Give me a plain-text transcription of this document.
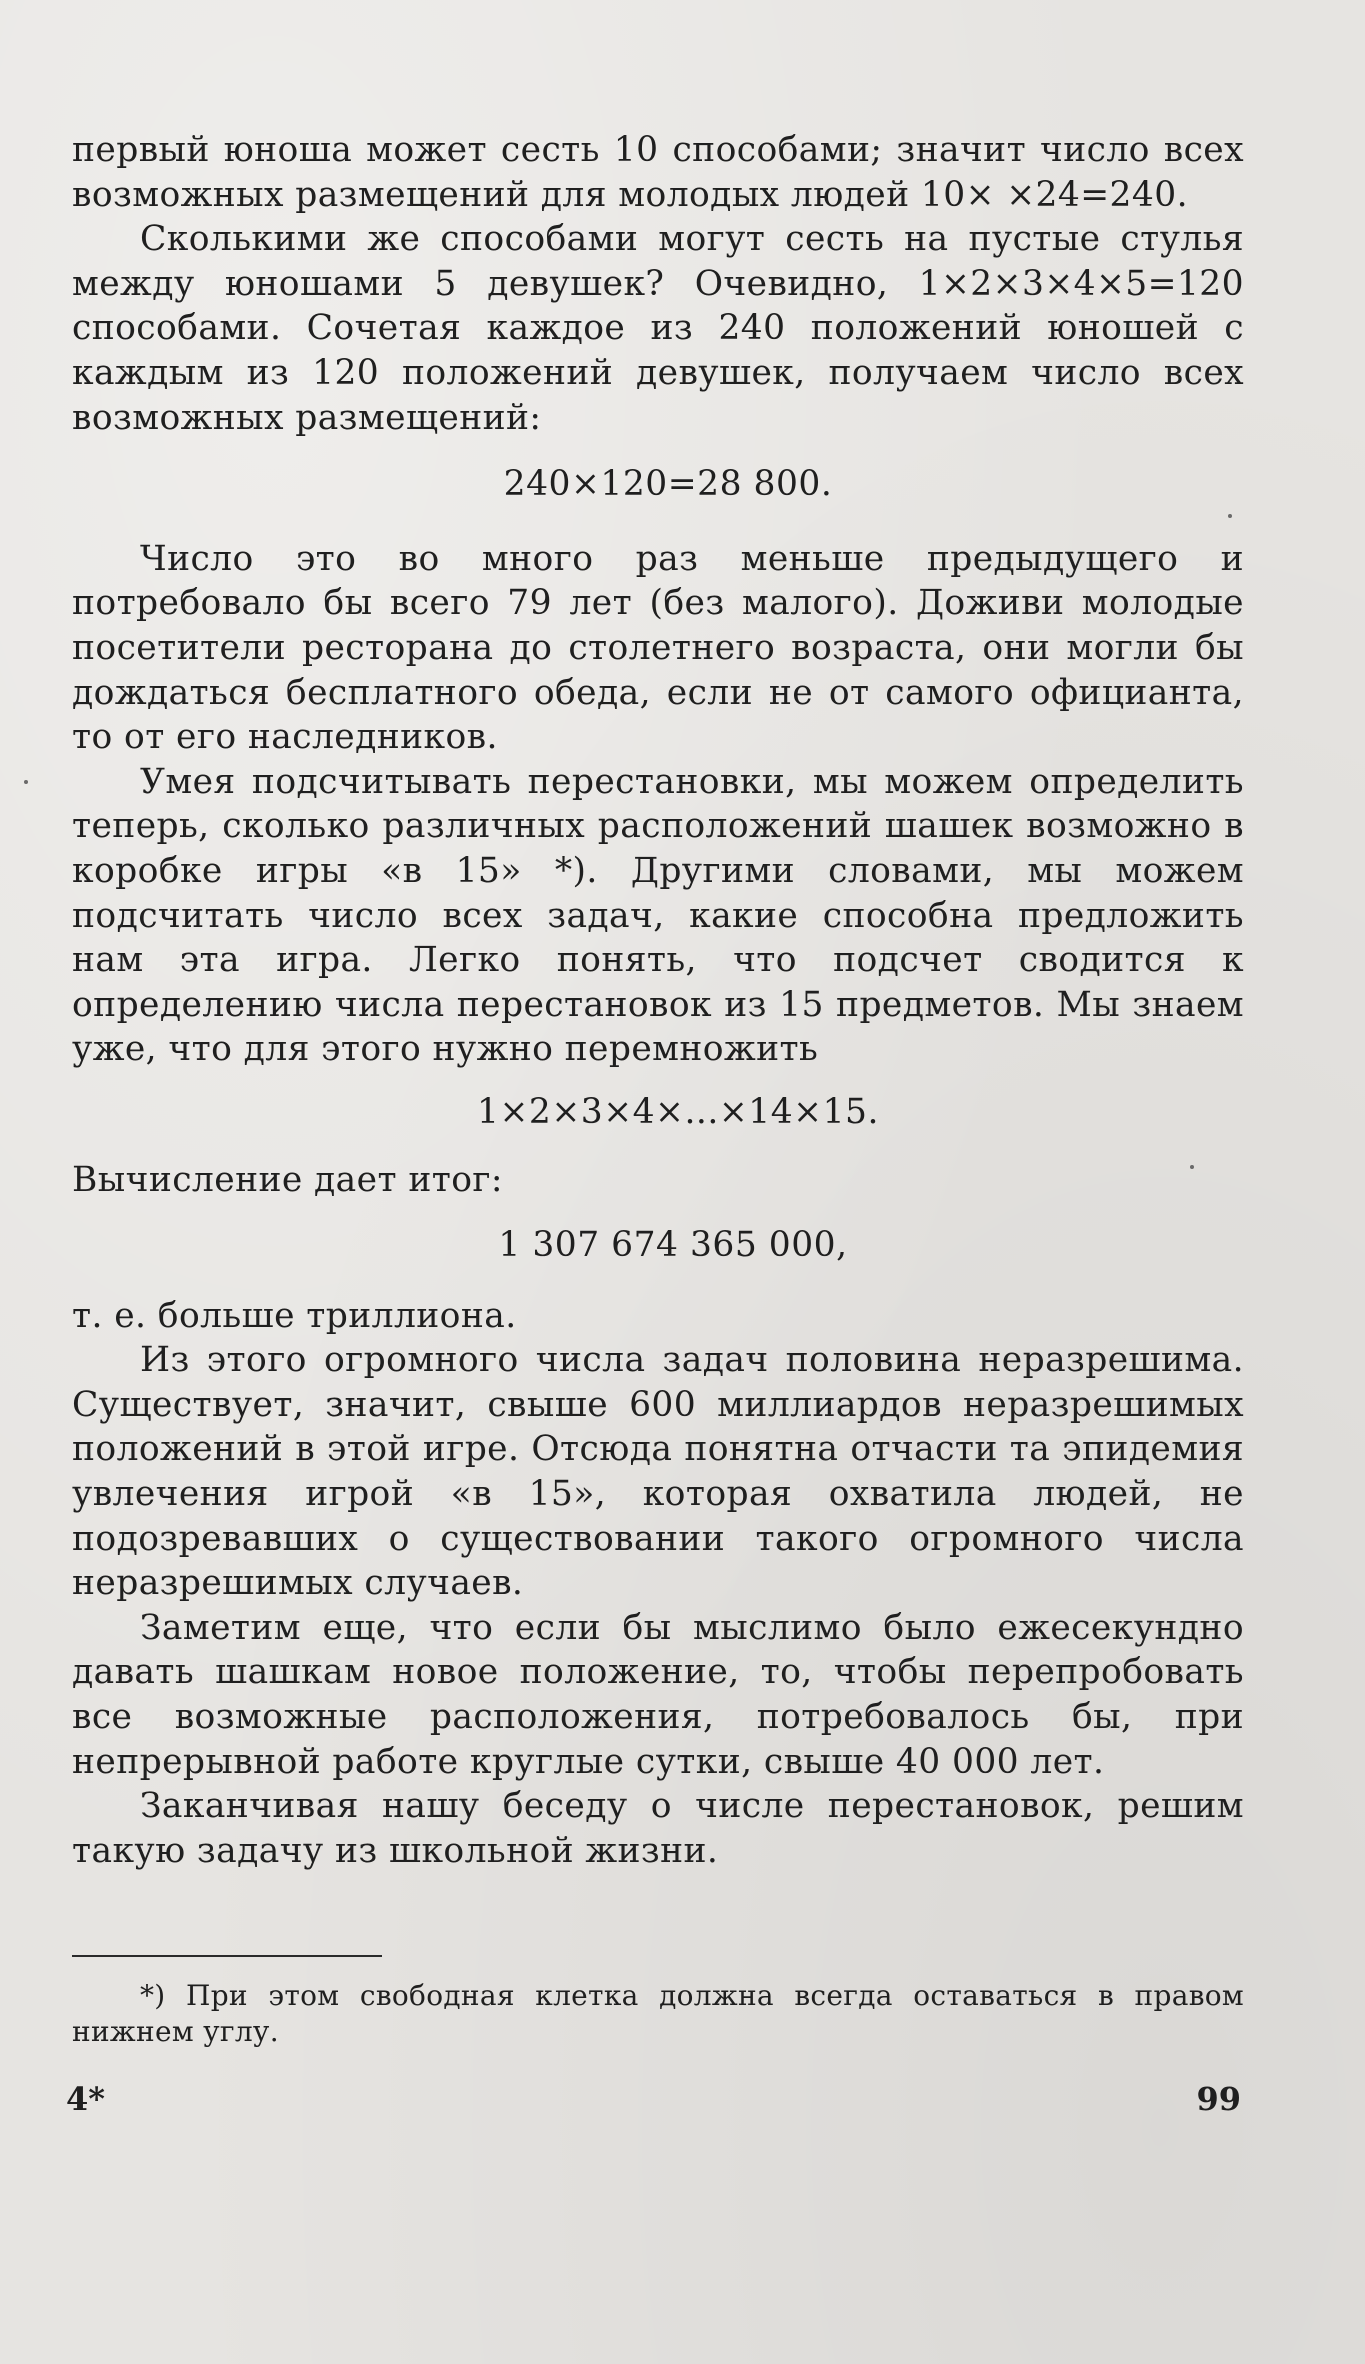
первый юноша может сесть 10 способами; значит число всех возможных размещений для молодых людей 10× ×24=240.

Сколькими же способами могут сесть на пустые стулья между юношами 5 девушек? Очевидно, 1×2×3×4×5=120 способами. Сочетая каждое из 240 положений юношей с каждым из 120 положений девушек, получаем число всех возможных размещений:

240×120=28 800.

Число это во много раз меньше предыдущего и потребовало бы всего 79 лет (без малого). Доживи молодые посетители ресторана до столетнего возраста, они могли бы дождаться бесплатного обеда, если не от самого официанта, то от его наследников.

Умея подсчитывать перестановки, мы можем определить теперь, сколько различных расположений шашек возможно в коробке игры «в 15» *). Другими словами, мы можем подсчитать число всех задач, какие способна предложить нам эта игра. Легко понять, что подсчет сводится к определению числа перестановок из 15 предметов. Мы знаем уже, что для этого нужно перемножить

1×2×3×4×...×14×15.

Вычисление дает итог:

1 307 674 365 000,

т. е. больше триллиона.

Из этого огромного числа задач половина неразрешима. Существует, значит, свыше 600 миллиардов неразрешимых положений в этой игре. Отсюда понятна отчасти та эпидемия увлечения игрой «в 15», которая охватила людей, не подозревавших о существовании такого огромного числа неразрешимых случаев.

Заметим еще, что если бы мыслимо было ежесекундно давать шашкам новое положение, то, чтобы перепробовать все возможные расположения, потребовалось бы, при непрерывной работе круглые сутки, свыше 40 000 лет.

Заканчивая нашу беседу о числе перестановок, решим такую задачу из школьной жизни.

*) При этом свободная клетка должна всегда оставаться в правом нижнем углу.
4*	99
